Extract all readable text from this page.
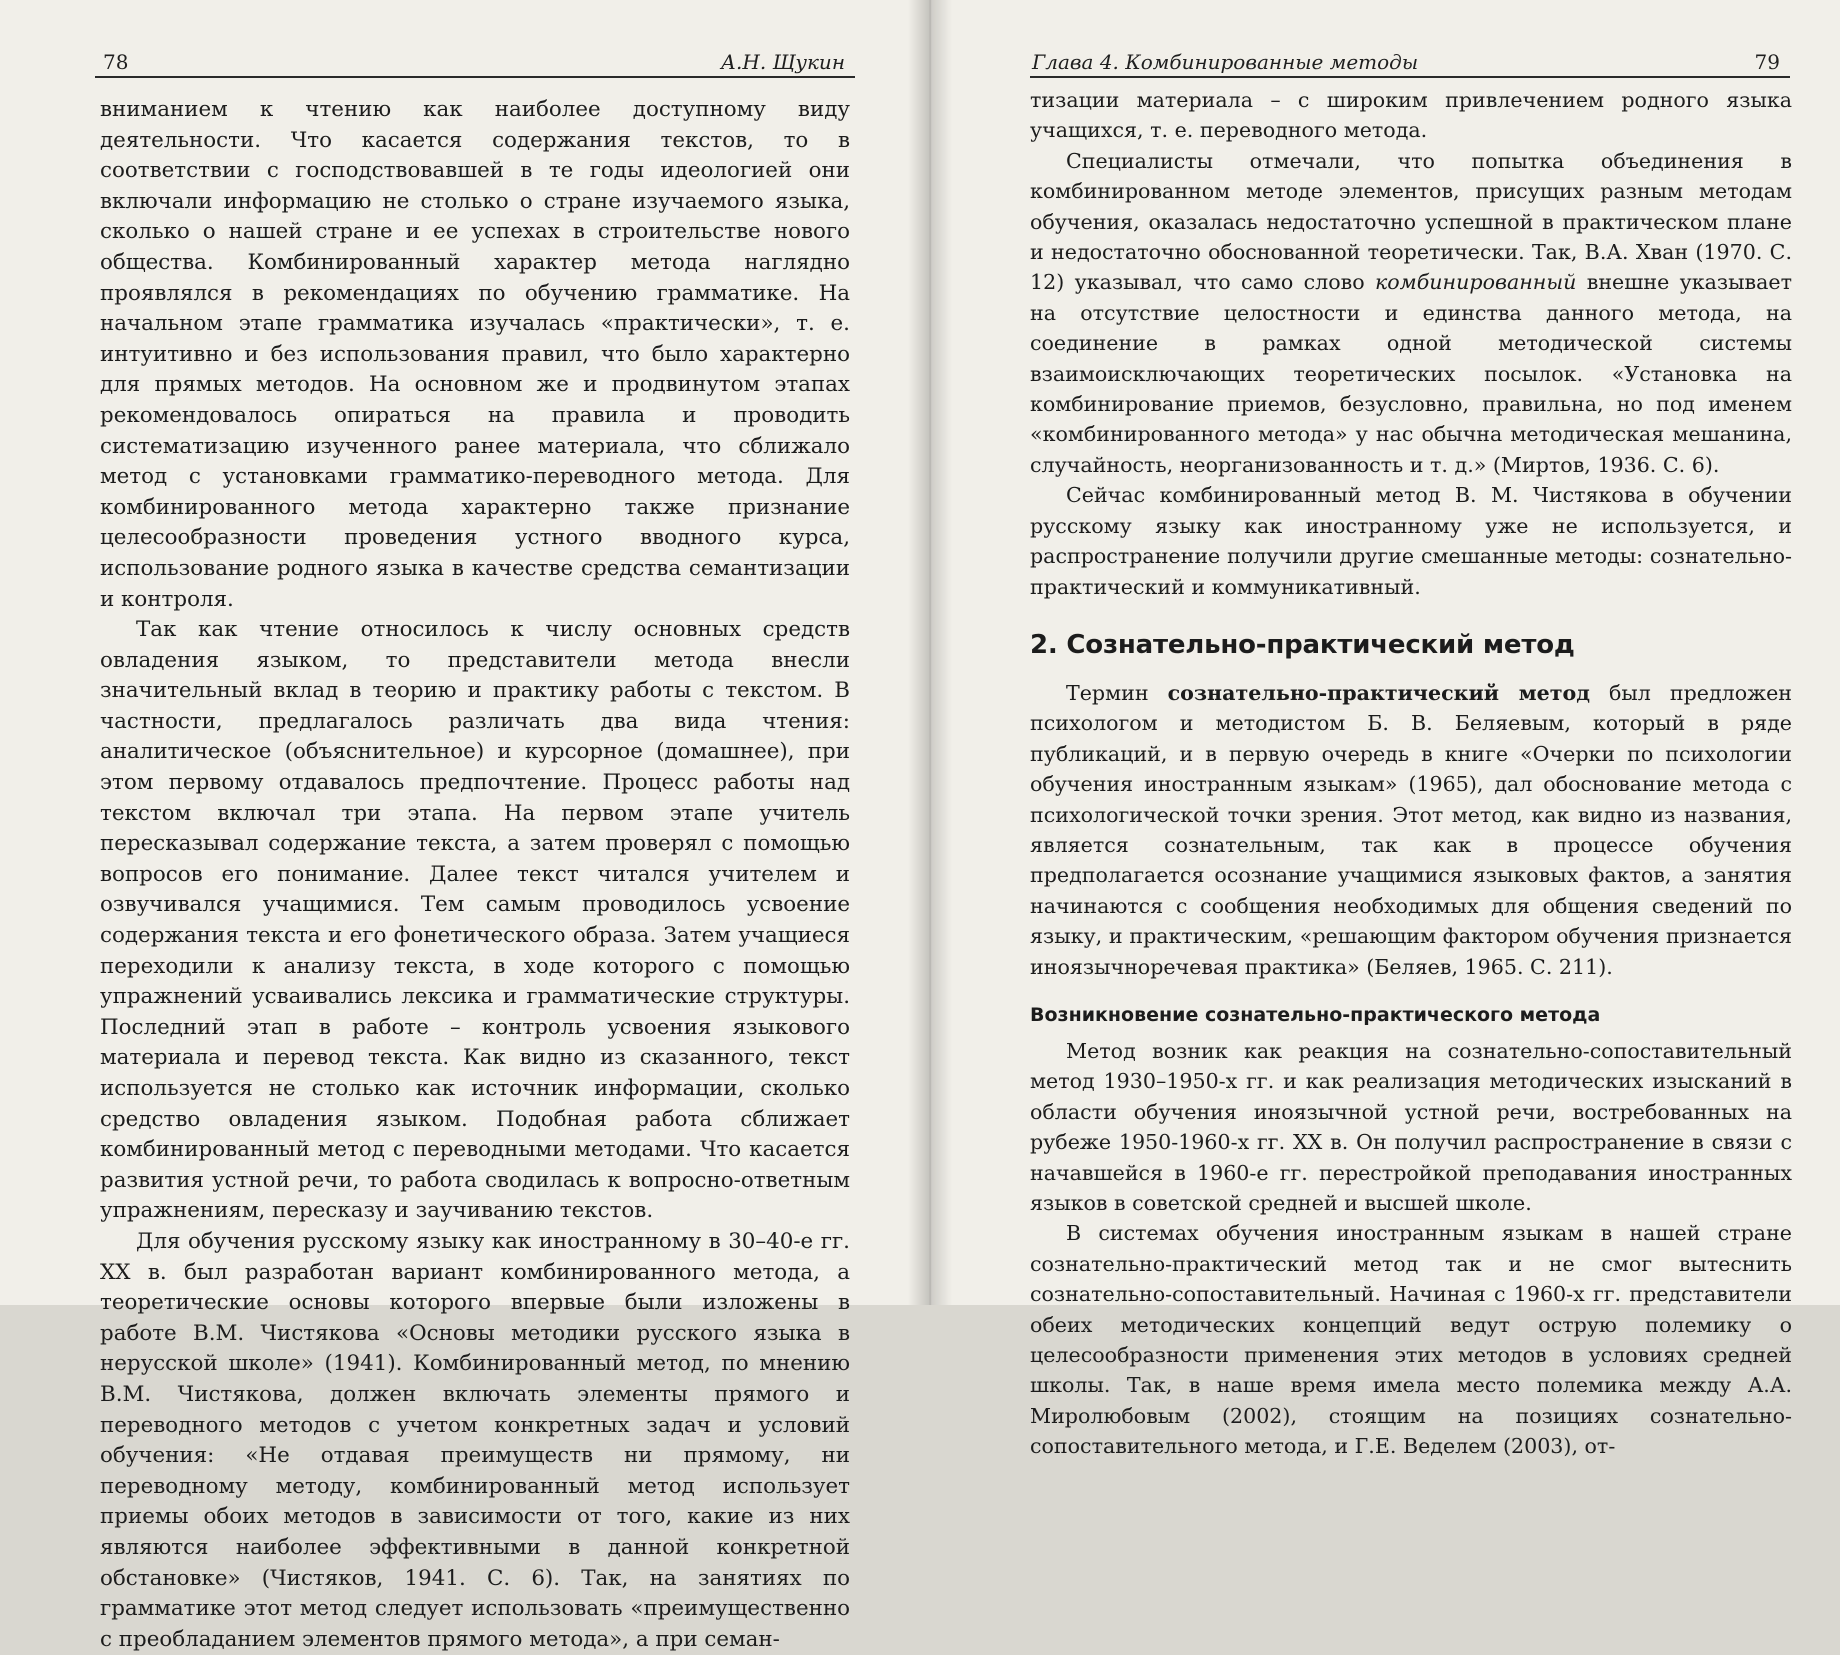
78	А.Н. Щукин

вниманием к чтению как наиболее доступному виду деятельности. Что касается содержания текстов, то в соответствии с господствовавшей в те годы идеологией они включали информацию не столько о стране изучаемого языка, сколько о нашей стране и ее успехах в строительстве нового общества. Комбинированный характер метода наглядно проявлялся в рекомендациях по обучению грамматике. На начальном этапе грамматика изучалась «практически», т. е. интуитивно и без использования правил, что было характерно для прямых методов. На основном же и продвинутом этапах рекомендовалось опираться на правила и проводить систематизацию изученного ранее материала, что сближало метод с установками грамматико-переводного метода. Для комбинированного метода характерно также признание целесообразности проведения устного вводного курса, использование родного языка в качестве средства семантизации и контроля.

Так как чтение относилось к числу основных средств овладения языком, то представители метода внесли значительный вклад в теорию и практику работы с текстом. В частности, предлагалось различать два вида чтения: аналитическое (объяснительное) и курсорное (домашнее), при этом первому отдавалось предпочтение. Процесс работы над текстом включал три этапа. На первом этапе учитель пересказывал содержание текста, а затем проверял с помощью вопросов его понимание. Далее текст читался учителем и озвучивался учащимися. Тем самым проводилось усвоение содержания текста и его фонетического образа. Затем учащиеся переходили к анализу текста, в ходе которого с помощью упражнений усваивались лексика и грамматические структуры. Последний этап в работе – контроль усвоения языкового материала и перевод текста. Как видно из сказанного, текст используется не столько как источник информации, сколько средство овладения языком. Подобная работа сближает комбинированный метод с переводными методами. Что касается развития устной речи, то работа сводилась к вопросно-ответным упражнениям, пересказу и заучиванию текстов.

Для обучения русскому языку как иностранному в 30–40-е гг. XX в. был разработан вариант комбинированного метода, а теоретические основы которого впервые были изложены в работе В.М. Чистякова «Основы методики русского языка в нерусской школе» (1941). Комбинированный метод, по мнению В.М. Чистякова, должен включать элементы прямого и переводного методов с учетом конкретных задач и условий обучения: «Не отдавая преимуществ ни прямому, ни переводному методу, комбинированный метод использует приемы обоих методов в зависимости от того, какие из них являются наиболее эффективными в данной конкретной обстановке» (Чистяков, 1941. С. 6). Так, на занятиях по грамматике этот метод следует использовать «преимущественно с преобладанием элементов прямого метода», а при семан-

Глава 4. Комбинированные методы	79

тизации материала – с широким привлечением родного языка учащихся, т. е. переводного метода.

Специалисты отмечали, что попытка объединения в комбинированном методе элементов, присущих разным методам обучения, оказалась недостаточно успешной в практическом плане и недостаточно обоснованной теоретически. Так, В.А. Хван (1970. С. 12) указывал, что само слово комбинированный внешне указывает на отсутствие целостности и единства данного метода, на соединение в рамках одной методической системы взаимоисключающих теоретических посылок. «Установка на комбинирование приемов, безусловно, правильна, но под именем «комбинированного метода» у нас обычна методическая мешанина, случайность, неорганизованность и т. д.» (Миртов, 1936. С. 6).

Сейчас комбинированный метод В. М. Чистякова в обучении русскому языку как иностранному уже не используется, и распространение получили другие смешанные методы: сознательно-практический и коммуникативный.

2. Сознательно-практический метод

Термин сознательно-практический метод был предложен психологом и методистом Б. В. Беляевым, который в ряде публикаций, и в первую очередь в книге «Очерки по психологии обучения иностранным языкам» (1965), дал обоснование метода с психологической точки зрения. Этот метод, как видно из названия, является сознательным, так как в процессе обучения предполагается осознание учащимися языковых фактов, а занятия начинаются с сообщения необходимых для общения сведений по языку, и практическим, «решающим фактором обучения признается иноязычноречевая практика» (Беляев, 1965. С. 211).

Возникновение сознательно-практического метода

Метод возник как реакция на сознательно-сопоставительный метод 1930–1950-х гг. и как реализация методических изысканий в области обучения иноязычной устной речи, востребованных на рубеже 1950-1960-х гг. XX в. Он получил распространение в связи с начавшейся в 1960-е гг. перестройкой преподавания иностранных языков в советской средней и высшей школе.

В системах обучения иностранным языкам в нашей стране сознательно-практический метод так и не смог вытеснить сознательно-сопоставительный. Начиная с 1960-х гг. представители обеих методических концепций ведут острую полемику о целесообразности применения этих методов в условиях средней школы. Так, в наше время имела место полемика между А.А. Миролюбовым (2002), стоящим на позициях сознательно-сопоставительного метода, и Г.Е. Веделем (2003), от-
